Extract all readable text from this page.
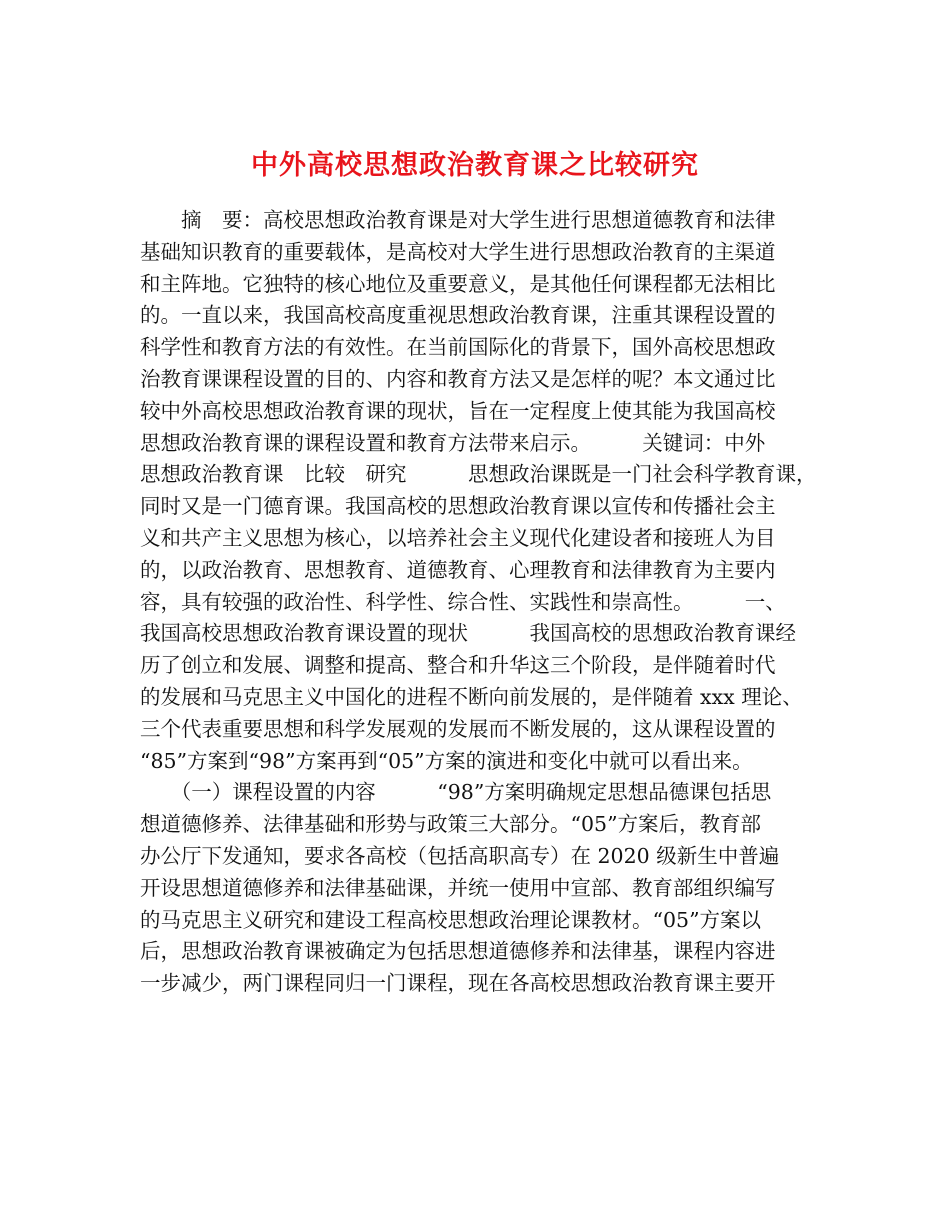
中外高校思想政治教育课之比较研究
　　摘　要：高校思想政治教育课是对大学生进行思想道德教育和法律
基础知识教育的重要载体，是高校对大学生进行思想政治教育的主渠道
和主阵地。它独特的核心地位及重要意义，是其他任何课程都无法相比
的。一直以来，我国高校高度重视思想政治教育课，注重其课程设置的
科学性和教育方法的有效性。在当前国际化的背景下，国外高校思想政
治教育课课程设置的目的、内容和教育方法又是怎样的呢？本文通过比
较中外高校思想政治教育课的现状，旨在一定程度上使其能为我国高校
思想政治教育课的课程设置和教育方法带来启示。　　　关键词：中外
思想政治教育课　比较　研究　　　思想政治课既是一门社会科学教育课，
同时又是一门德育课。我国高校的思想政治教育课以宣传和传播社会主
义和共产主义思想为核心，以培养社会主义现代化建设者和接班人为目
的，以政治教育、思想教育、道德教育、心理教育和法律教育为主要内
容，具有较强的政治性、科学性、综合性、实践性和崇高性。　　　一、
我国高校思想政治教育课设置的现状　　　我国高校的思想政治教育课经
历了创立和发展、调整和提高、整合和升华这三个阶段，是伴随着时代
的发展和马克思主义中国化的进程不断向前发展的，是伴随着 xxx 理论、
三个代表重要思想和科学发展观的发展而不断发展的，这从课程设置的
“85”方案到“98”方案再到“05”方案的演进和变化中就可以看出来。
　　（一）课程设置的内容　　　“98”方案明确规定思想品德课包括思
想道德修养、法律基础和形势与政策三大部分。“05”方案后，教育部
办公厅下发通知，要求各高校（包括高职高专）在 2020 级新生中普遍
开设思想道德修养和法律基础课，并统一使用中宣部、教育部组织编写
的马克思主义研究和建设工程高校思想政治理论课教材。“05”方案以
后，思想政治教育课被确定为包括思想道德修养和法律基，课程内容进
一步减少，两门课程同归一门课程，现在各高校思想政治教育课主要开
